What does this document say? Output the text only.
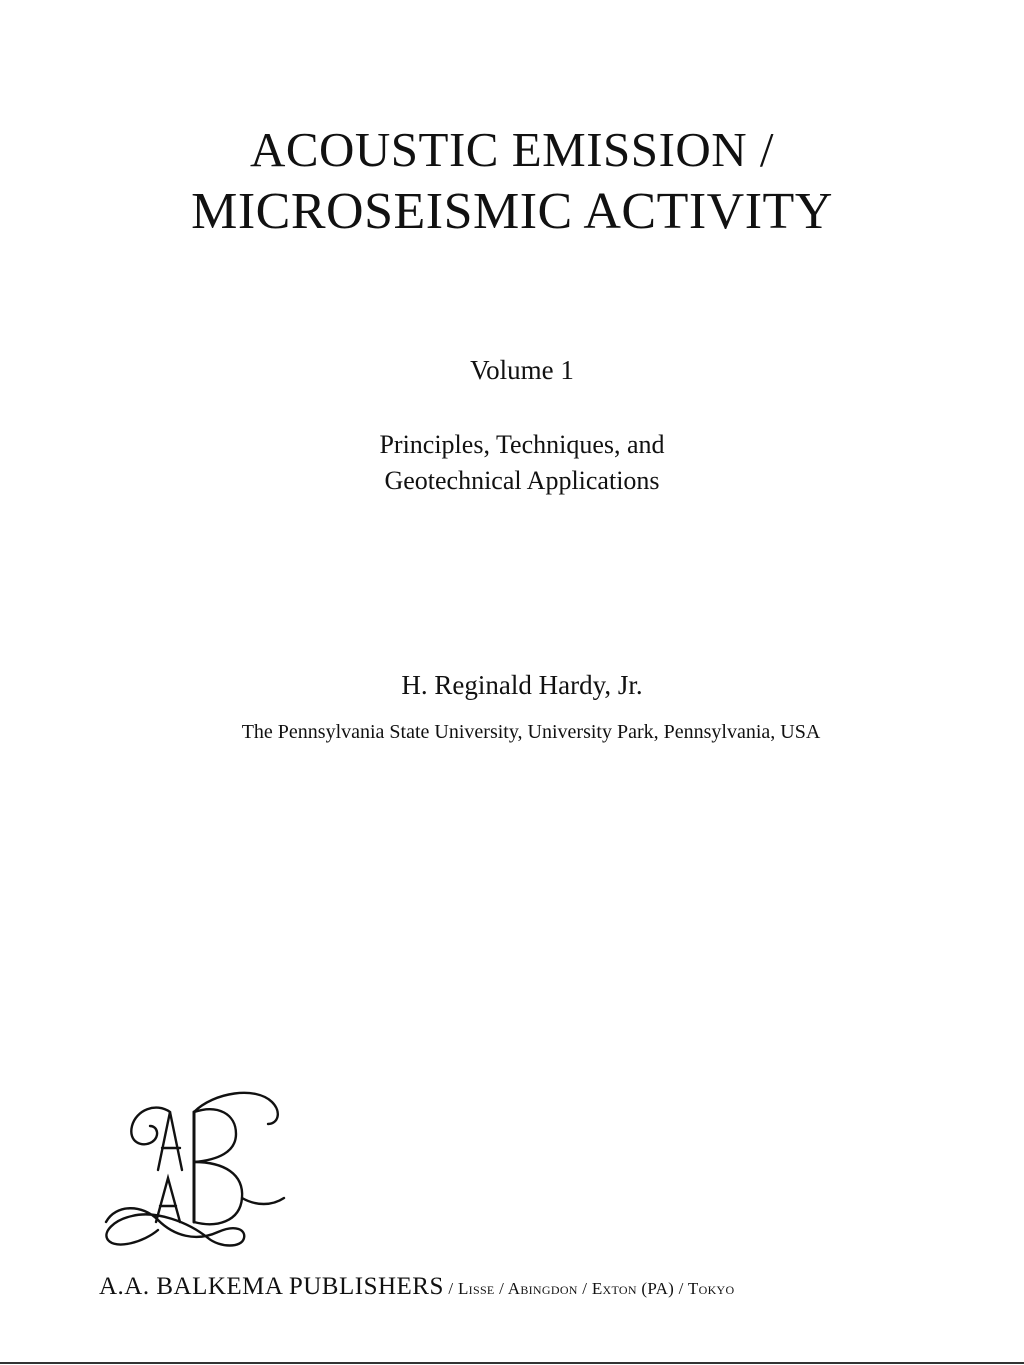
ACOUSTIC EMISSION /
MICROSEISMIC ACTIVITY
Volume 1
Principles, Techniques, and
Geotechnical Applications
H. Reginald Hardy, Jr.
The Pennsylvania State University, University Park, Pennsylvania, USA
A.A. BALKEMA PUBLISHERS / Lisse / Abingdon / Exton (PA) / Tokyo
